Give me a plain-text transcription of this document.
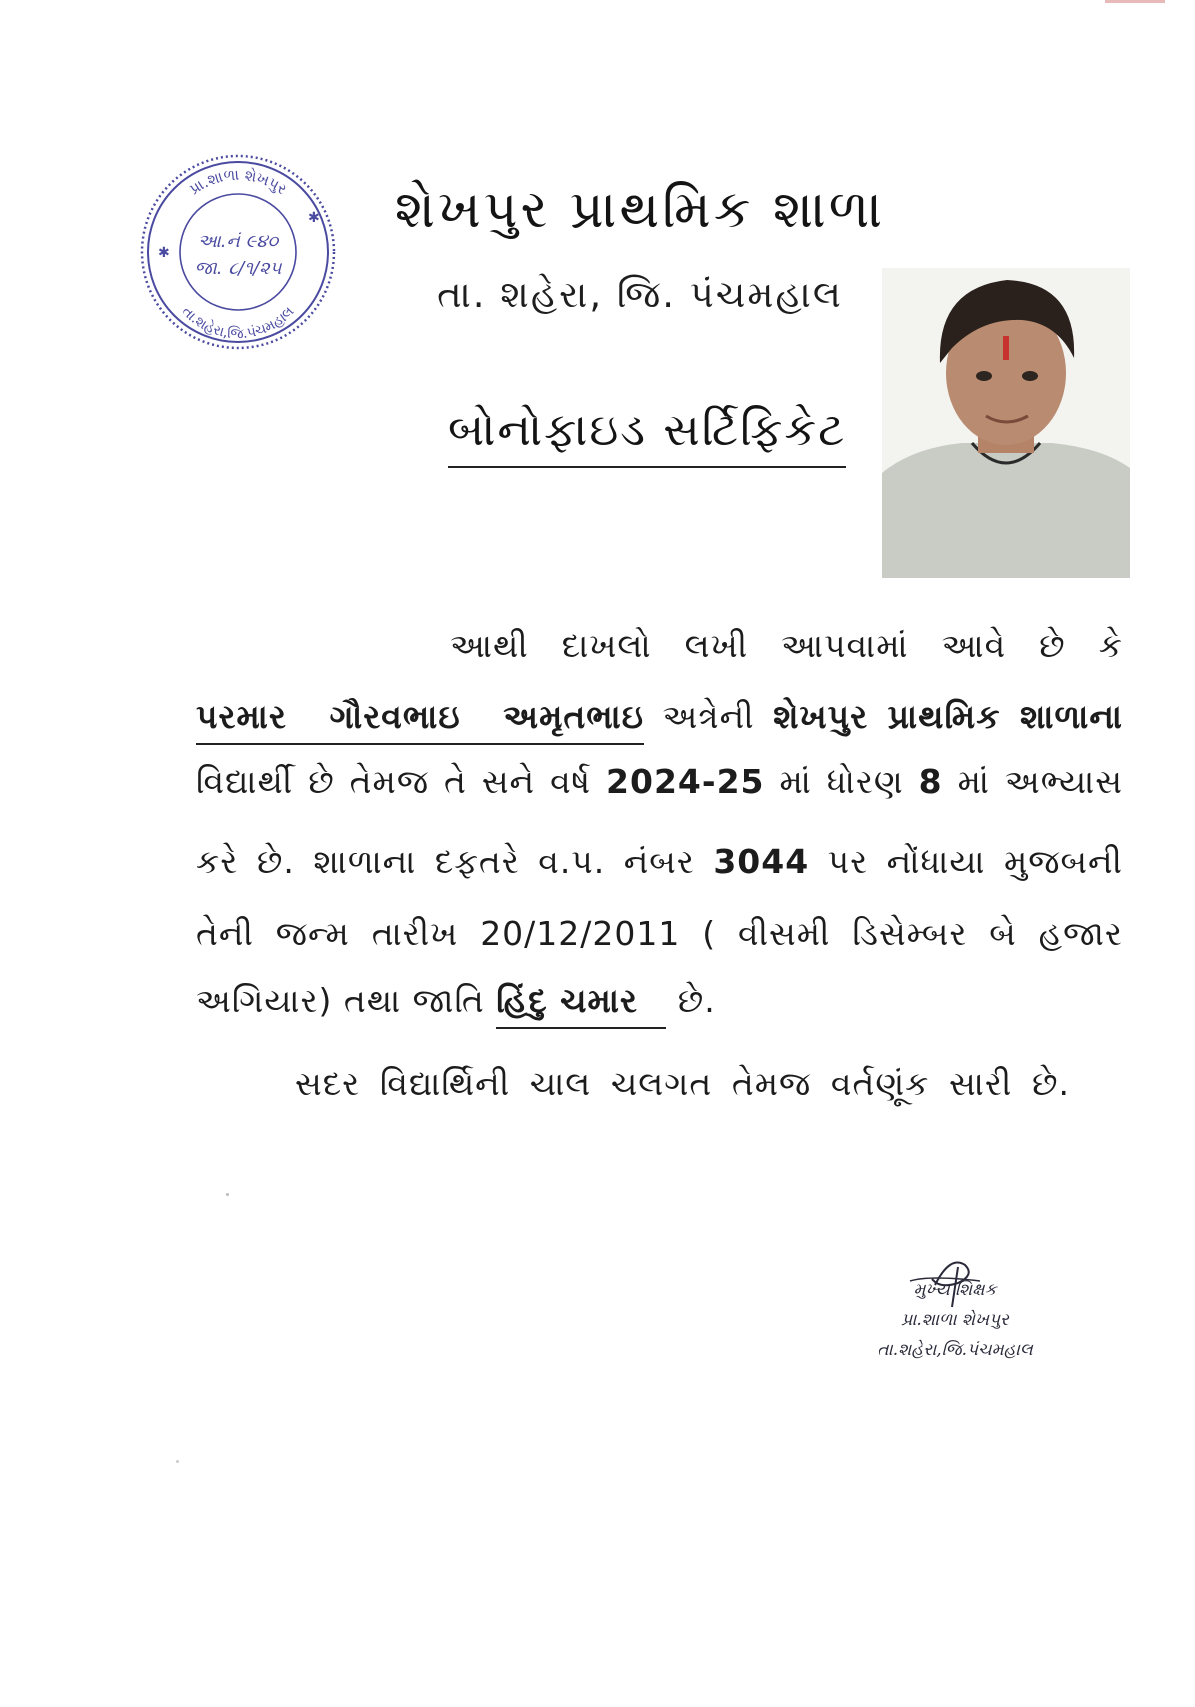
પ્રા.શાળા શેખપુર
તા.શહેરા,જિ.પંચમહાલ
✱
✱
આ.નં ૯૪૦
જા. ૮/૧/૨૫
શેખપુર પ્રાથમિક શાળા
તા. શહેરા, જિ. પંચમહાલ
બોનોફાઇડ સર્ટિફિકેટ
આથી દાખલો લખી આપવામાં આવે છે કે
પરમાર ગૌરવભાઇ અમૃતભાઇ અત્રેની શેખપુર પ્રાથમિક શાળાના
વિદ્યાર્થી છે તેમજ તે સને વર્ષ 2024-25 માં ધોરણ 8 માં અભ્યાસ
કરે છે. શાળાના દફતરે વ.પ. નંબર 3044 પર નોંધાયા મુજબની
તેની જન્મ તારીખ 20/12/2011 ( વીસમી ડિસેમ્બર બે હજાર
અગિયાર) તથા જાતિ હિંદુ ચમાર છે.
સદર વિદ્યાર્થિની ચાલ ચલગત તેમજ વર્તણૂંક સારી છે.
મુખ્ય શિક્ષક
પ્રા.શાળા શેખપુર
તા.શહેરા,જિ.પંચમહાલ
